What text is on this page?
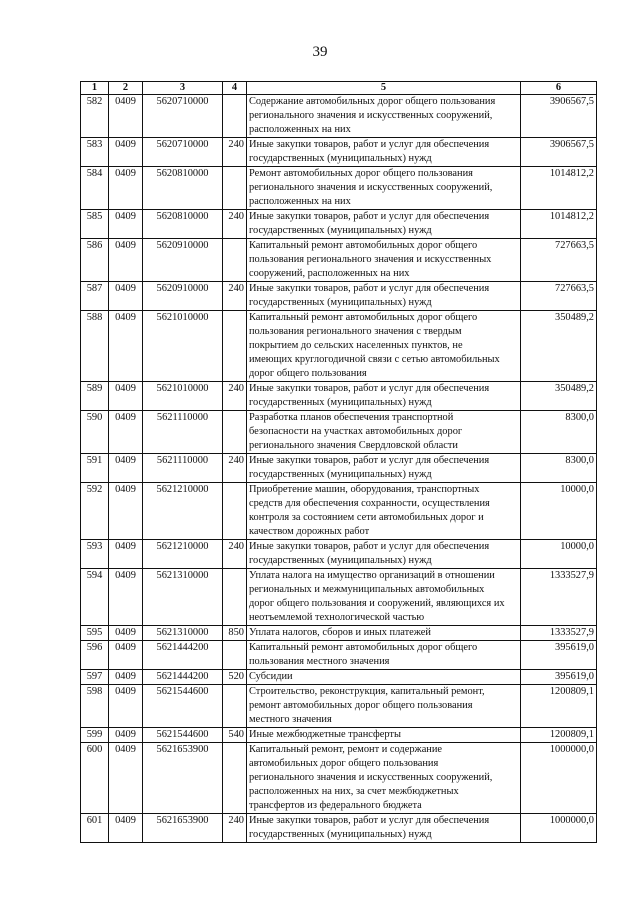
39
1	2	3	4	5	6
582	0409	5620710000		Содержание автомобильных дорог общего пользования
регионального значения и искусственных сооружений,
расположенных на них	3906567,5
583	0409	5620710000	240	Иные закупки товаров, работ и услуг для обеспечения
государственных (муниципальных) нужд	3906567,5
584	0409	5620810000		Ремонт автомобильных дорог общего пользования
регионального значения и искусственных сооружений,
расположенных на них	1014812,2
585	0409	5620810000	240	Иные закупки товаров, работ и услуг для обеспечения
государственных (муниципальных) нужд	1014812,2
586	0409	5620910000		Капитальный ремонт автомобильных дорог общего
пользования регионального значения и искусственных
сооружений, расположенных на них	727663,5
587	0409	5620910000	240	Иные закупки товаров, работ и услуг для обеспечения
государственных (муниципальных) нужд	727663,5
588	0409	5621010000		Капитальный ремонт автомобильных дорог общего
пользования регионального значения с твердым
покрытием до сельских населенных пунктов, не
имеющих круглогодичной связи с сетью автомобильных
дорог общего пользования	350489,2
589	0409	5621010000	240	Иные закупки товаров, работ и услуг для обеспечения
государственных (муниципальных) нужд	350489,2
590	0409	5621110000		Разработка планов обеспечения транспортной
безопасности на участках автомобильных дорог
регионального значения Свердловской области	8300,0
591	0409	5621110000	240	Иные закупки товаров, работ и услуг для обеспечения
государственных (муниципальных) нужд	8300,0
592	0409	5621210000		Приобретение машин, оборудования, транспортных
средств для обеспечения сохранности, осуществления
контроля за состоянием сети автомобильных дорог и
качеством дорожных работ	10000,0
593	0409	5621210000	240	Иные закупки товаров, работ и услуг для обеспечения
государственных (муниципальных) нужд	10000,0
594	0409	5621310000		Уплата налога на имущество организаций в отношении
региональных и межмуниципальных автомобильных
дорог общего пользования и сооружений, являющихся их
неотъемлемой технологической частью	1333527,9
595	0409	5621310000	850	Уплата налогов, сборов и иных платежей	1333527,9
596	0409	5621444200		Капитальный ремонт автомобильных дорог общего
пользования местного значения	395619,0
597	0409	5621444200	520	Субсидии	395619,0
598	0409	5621544600		Строительство, реконструкция, капитальный ремонт,
ремонт автомобильных дорог общего пользования
местного значения	1200809,1
599	0409	5621544600	540	Иные межбюджетные трансферты	1200809,1
600	0409	5621653900		Капитальный ремонт, ремонт и содержание
автомобильных дорог общего пользования
регионального значения и искусственных сооружений,
расположенных на них, за счет межбюджетных
трансфертов из федерального бюджета	1000000,0
601	0409	5621653900	240	Иные закупки товаров, работ и услуг для обеспечения
государственных (муниципальных) нужд	1000000,0
